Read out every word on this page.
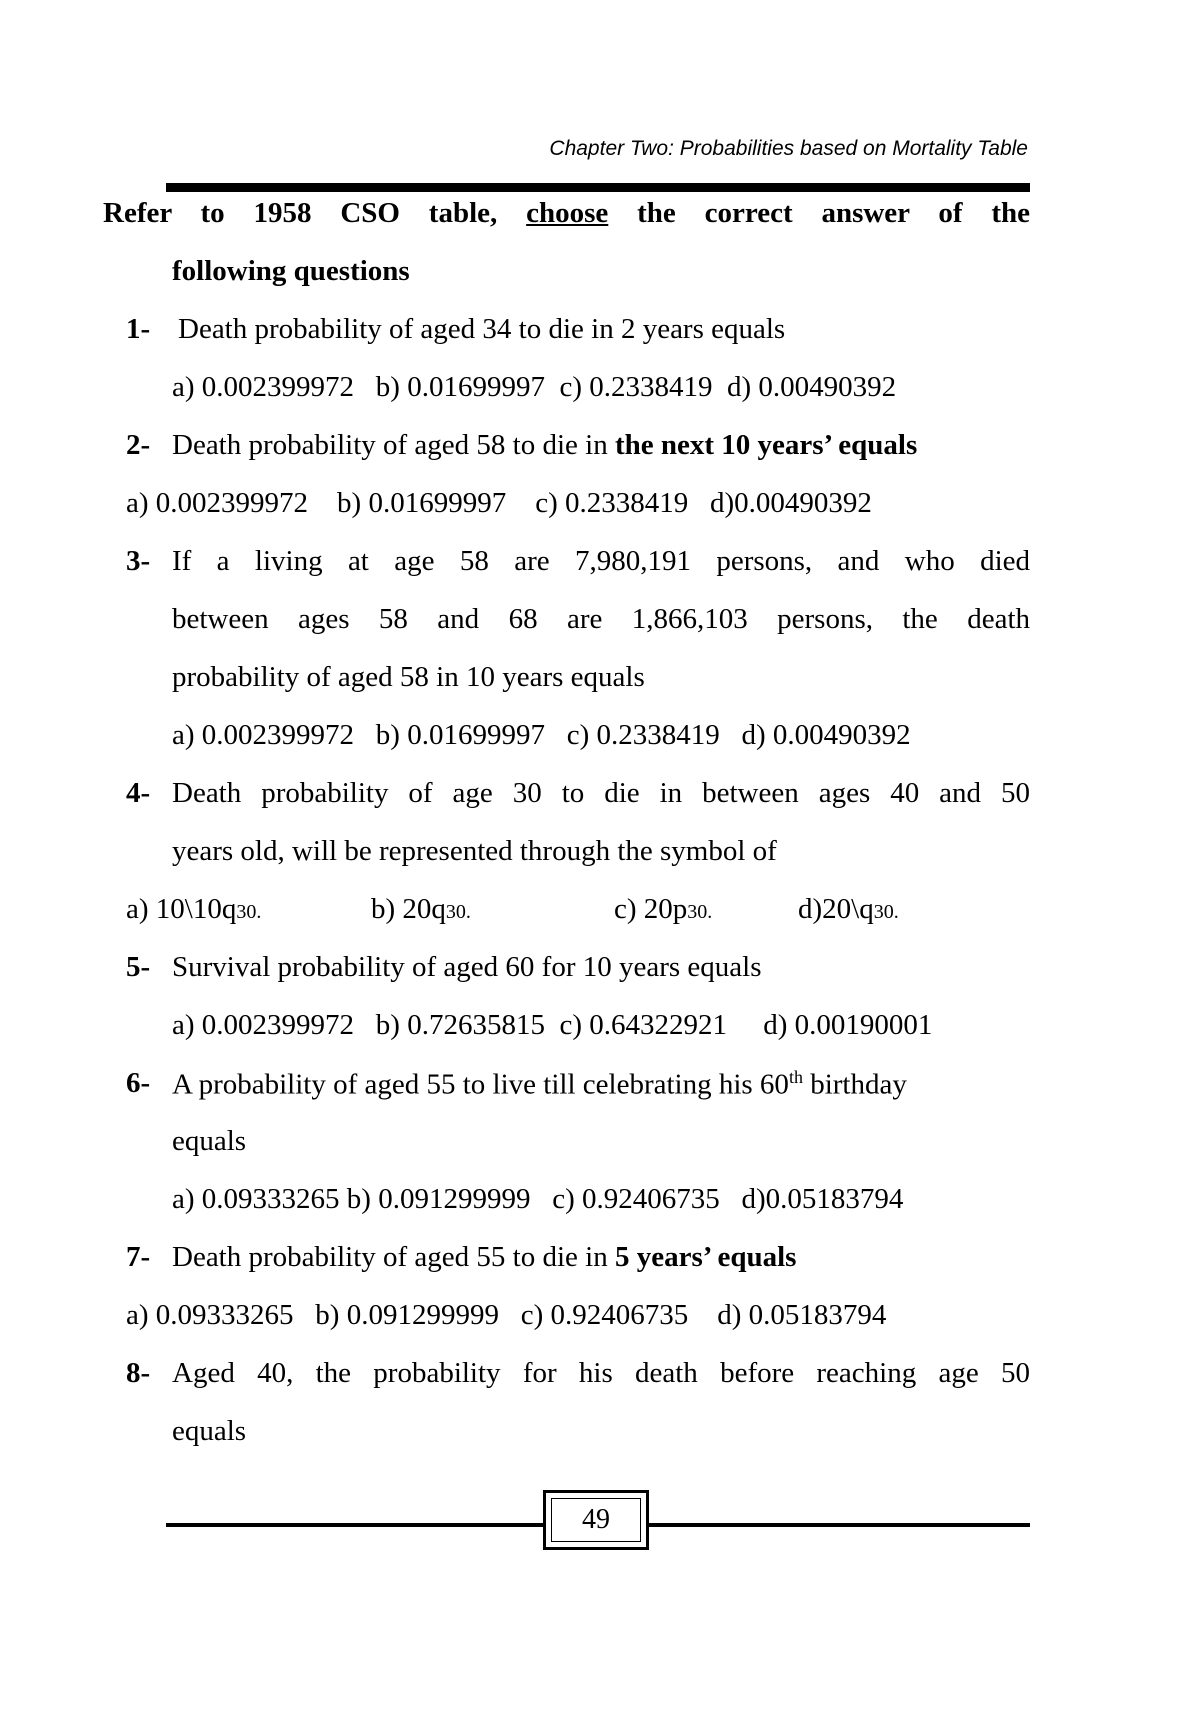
Chapter Two: Probabilities based on Mortality Table
Refer to 1958 CSO table, choose the correct answer of the
following questions
1- Death probability of aged 34 to die in 2 years equals
a) 0.002399972 b) 0.01699997 c) 0.2338419 d) 0.00490392
2- Death probability of aged 58 to die in the next 10 years’ equals
a) 0.002399972 b) 0.01699997 c) 0.2338419 d)0.00490392
3- If a living at age 58 are 7,980,191 persons, and who died
between ages 58 and 68 are 1,866,103 persons, the death
probability of aged 58 in 10 years equals
a) 0.002399972 b) 0.01699997 c) 0.2338419 d) 0.00490392
4- Death probability of age 30 to die in between ages 40 and 50
years old, will be represented through the symbol of
a) 10\10q30.	b) 20q30.	c) 20p30.	d)20\q30.
5- Survival probability of aged 60 for 10 years equals
a) 0.002399972 b) 0.72635815 c) 0.64322921 d) 0.00190001
6- A probability of aged 55 to live till celebrating his 60th birthday
equals
a) 0.09333265 b) 0.091299999 c) 0.92406735 d)0.05183794
7- Death probability of aged 55 to die in 5 years’ equals
a) 0.09333265 b) 0.091299999 c) 0.92406735 d) 0.05183794
8- Aged 40, the probability for his death before reaching age 50
equals
49
